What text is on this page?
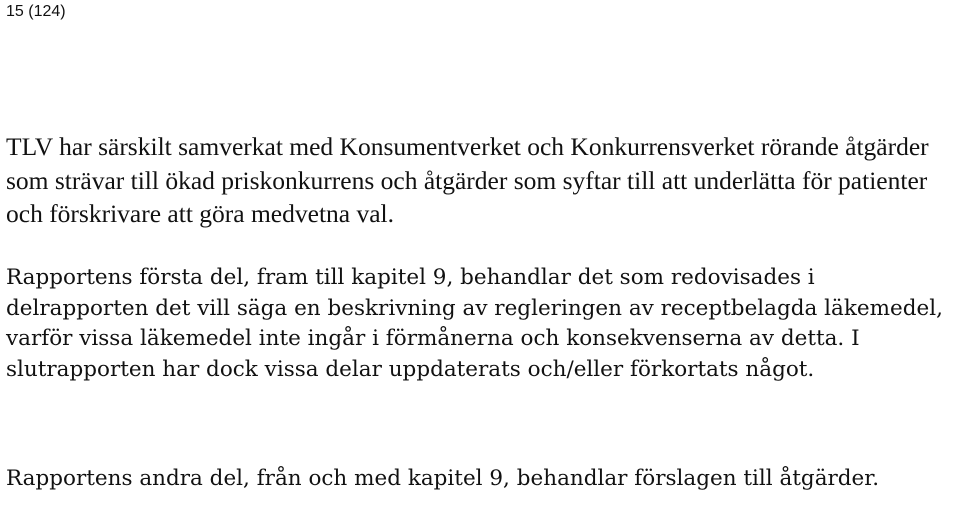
15 (124)

TLV har särskilt samverkat med Konsumentverket och Konkurrensverket rörande åtgärder som strävar till ökad priskonkurrens och åtgärder som syftar till att underlätta för patienter och förskrivare att göra medvetna val.

Rapportens första del, fram till kapitel 9, behandlar det som redovisades i delrapporten det vill säga en beskrivning av regleringen av receptbelagda läkemedel, varför vissa läkemedel inte ingår i förmånerna och konsekvenserna av detta. I slutrapporten har dock vissa delar uppdaterats och/eller förkortats något.

Rapportens andra del, från och med kapitel 9, behandlar förslagen till åtgärder.
